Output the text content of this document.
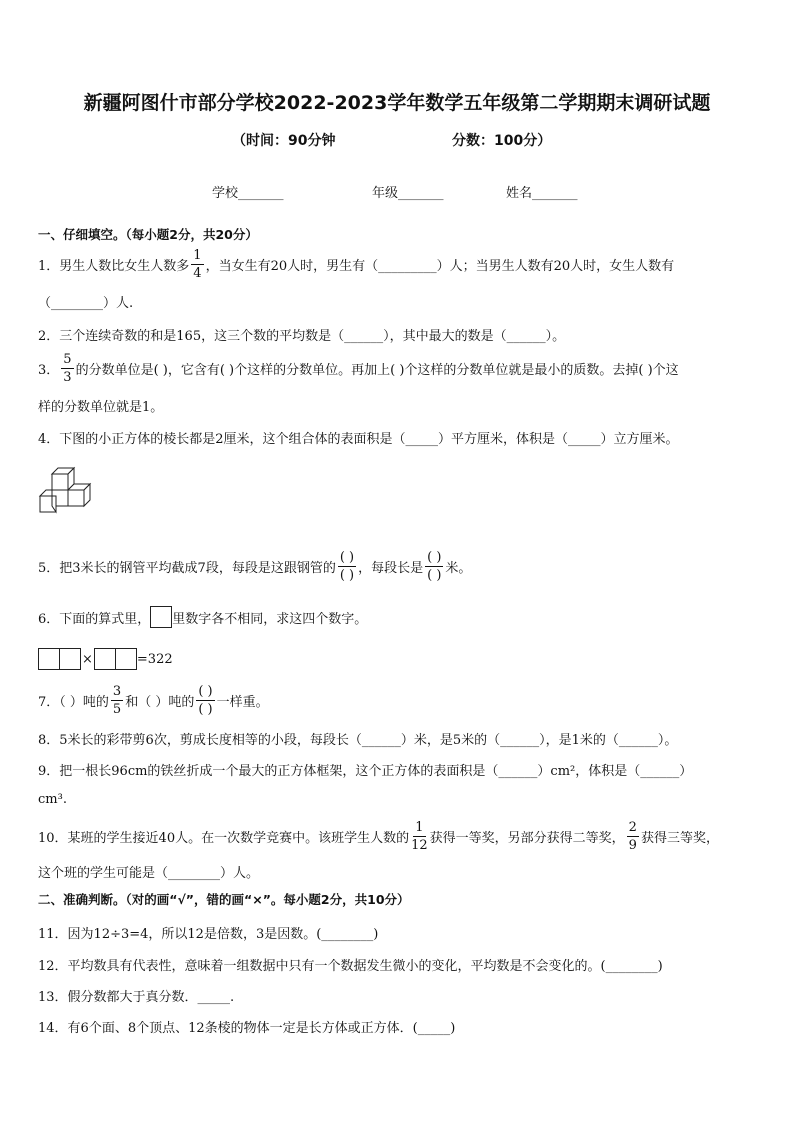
新疆阿图什市部分学校2022-2023学年数学五年级第二学期期末调研试题
（时间：90分钟	分数：100分）
学校_______	年级_______	姓名_______
一、仔细填空。（每小题2分，共20分）
1．男生人数比女生人数多 $\frac{1}{4}$ ，当女生有20人时，男生有（_________）人；当男生人数有20人时，女生人数有
（________）人.
2．三个连续奇数的和是165，这三个数的平均数是（______），其中最大的数是（______）。
3． $\frac{5}{3}$ 的分数单位是( )，它含有( )个这样的分数单位。再加上( )个这样的分数单位就是最小的质数。去掉( )个这
样的分数单位就是1。
4．下图的小正方体的棱长都是2厘米，这个组合体的表面积是（_____）平方厘米，体积是（_____）立方厘米。
5．把3米长的钢管平均截成7段，每段是这跟钢管的 $\frac{( )}{( )}$ ，每段长是 $\frac{( )}{( )}$ 米。
6．下面的算式里， 里数字各不相同，求这四个数字。
×	=322
7．（ ）吨的 $\frac{3}{5}$ 和（ ）吨的 $\frac{( )}{( )}$ 一样重。
8．5米长的彩带剪6次，剪成长度相等的小段，每段长（______）米，是5米的（______），是1米的（______）。
9．把一根长96cm的铁丝折成一个最大的正方体框架，这个正方体的表面积是（______）cm²，体积是（______）
cm³.
10．某班的学生接近40人。在一次数学竞赛中。该班学生人数的 $\frac{1}{12}$ 获得一等奖，另部分获得二等奖， $\frac{2}{9}$ 获得三等奖，
这个班的学生可能是（________）人。
二、准确判断。（对的画“√”，错的画“×”。每小题2分，共10分）
11．因为12÷3=4，所以12是倍数，3是因数。(________)
12．平均数具有代表性，意味着一组数据中只有一个数据发生微小的变化，平均数是不会变化的。(________)
13．假分数都大于真分数．_____.
14．有6个面、8个顶点、12条棱的物体一定是长方体或正方体．(_____)
